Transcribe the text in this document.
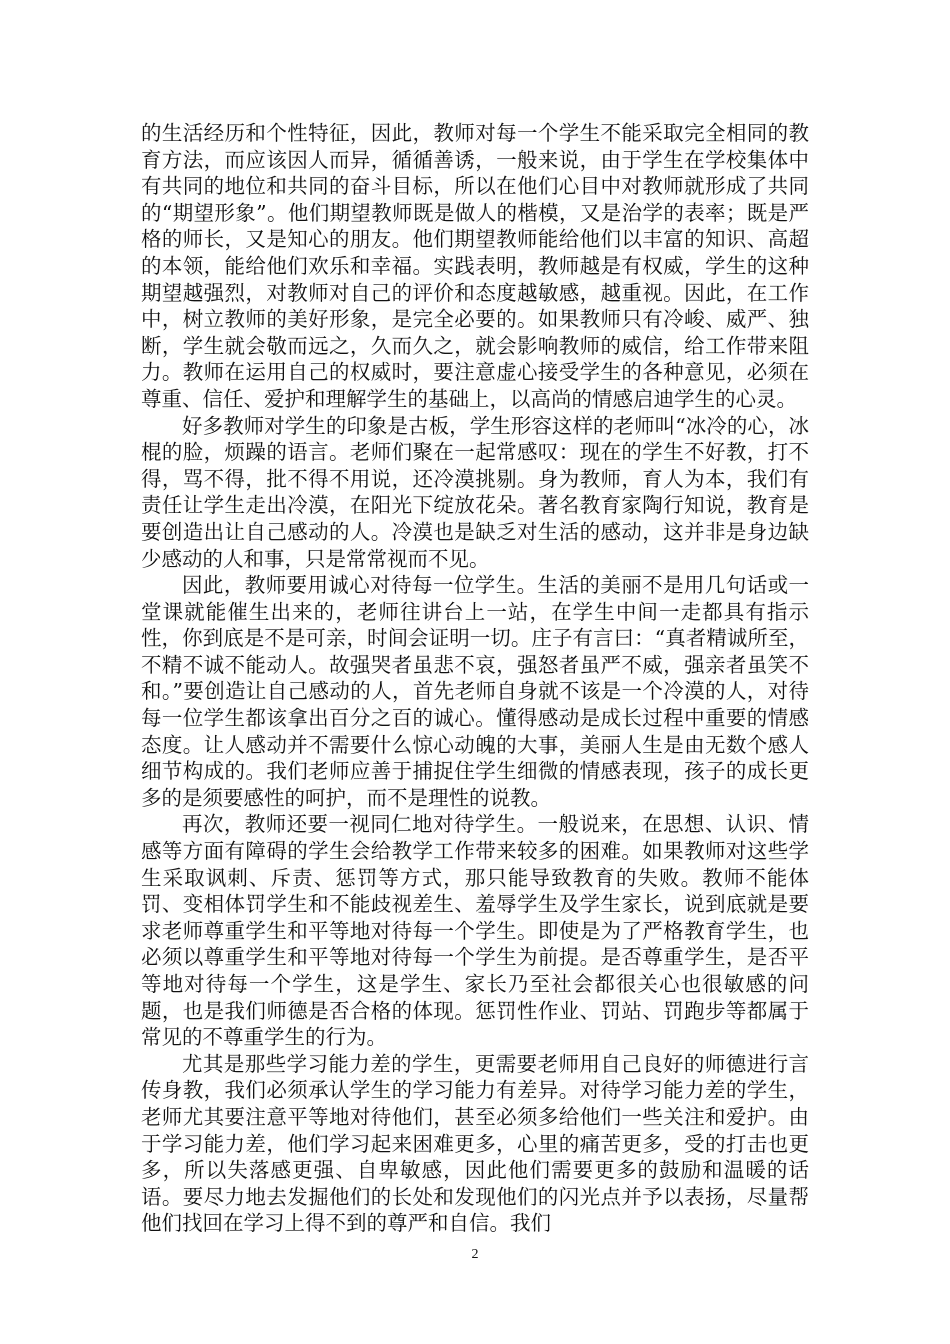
的生活经历和个性特征，因此，教师对每一个学生不能采取完全相同的教育方法，而应该因人而异，循循善诱，一般来说，由于学生在学校集体中有共同的地位和共同的奋斗目标，所以在他们心目中对教师就形成了共同的“期望形象”。他们期望教师既是做人的楷模，又是治学的表率；既是严格的师长，又是知心的朋友。他们期望教师能给他们以丰富的知识、高超的本领，能给他们欢乐和幸福。实践表明，教师越是有权威，学生的这种期望越强烈，对教师对自己的评价和态度越敏感，越重视。因此，在工作中，树立教师的美好形象，是完全必要的。如果教师只有冷峻、威严、独断，学生就会敬而远之，久而久之，就会影响教师的威信，给工作带来阻力。教师在运用自己的权威时，要注意虚心接受学生的各种意见，必须在尊重、信任、爱护和理解学生的基础上，以高尚的情感启迪学生的心灵。

好多教师对学生的印象是古板，学生形容这样的老师叫“冰冷的心，冰棍的脸，烦躁的语言。老师们聚在一起常感叹：现在的学生不好教，打不得，骂不得，批不得不用说，还冷漠挑剔。身为教师，育人为本，我们有责任让学生走出冷漠，在阳光下绽放花朵。著名教育家陶行知说，教育是要创造出让自己感动的人。冷漠也是缺乏对生活的感动，这并非是身边缺少感动的人和事，只是常常视而不见。

因此，教师要用诚心对待每一位学生。生活的美丽不是用几句话或一堂课就能催生出来的，老师往讲台上一站，在学生中间一走都具有指示性，你到底是不是可亲，时间会证明一切。庄子有言曰：“真者精诚所至，不精不诚不能动人。故强哭者虽悲不哀，强怒者虽严不威，强亲者虽笑不和。”要创造让自己感动的人，首先老师自身就不该是一个冷漠的人，对待每一位学生都该拿出百分之百的诚心。懂得感动是成长过程中重要的情感态度。让人感动并不需要什么惊心动魄的大事，美丽人生是由无数个感人细节构成的。我们老师应善于捕捉住学生细微的情感表现，孩子的成长更多的是须要感性的呵护，而不是理性的说教。

再次，教师还要一视同仁地对待学生。一般说来，在思想、认识、情感等方面有障碍的学生会给教学工作带来较多的困难。如果教师对这些学生采取讽刺、斥责、惩罚等方式，那只能导致教育的失败。教师不能体罚、变相体罚学生和不能歧视差生、羞辱学生及学生家长，说到底就是要求老师尊重学生和平等地对待每一个学生。即使是为了严格教育学生，也必须以尊重学生和平等地对待每一个学生为前提。是否尊重学生，是否平等地对待每一个学生，这是学生、家长乃至社会都很关心也很敏感的问题，也是我们师德是否合格的体现。惩罚性作业、罚站、罚跑步等都属于常见的不尊重学生的行为。

尤其是那些学习能力差的学生，更需要老师用自己良好的师德进行言传身教，我们必须承认学生的学习能力有差异。对待学习能力差的学生，老师尤其要注意平等地对待他们，甚至必须多给他们一些关注和爱护。由于学习能力差，他们学习起来困难更多，心里的痛苦更多，受的打击也更多，所以失落感更强、自卑敏感，因此他们需要更多的鼓励和温暖的话语。要尽力地去发掘他们的长处和发现他们的闪光点并予以表扬，尽量帮他们找回在学习上得不到的尊严和自信。我们

2
